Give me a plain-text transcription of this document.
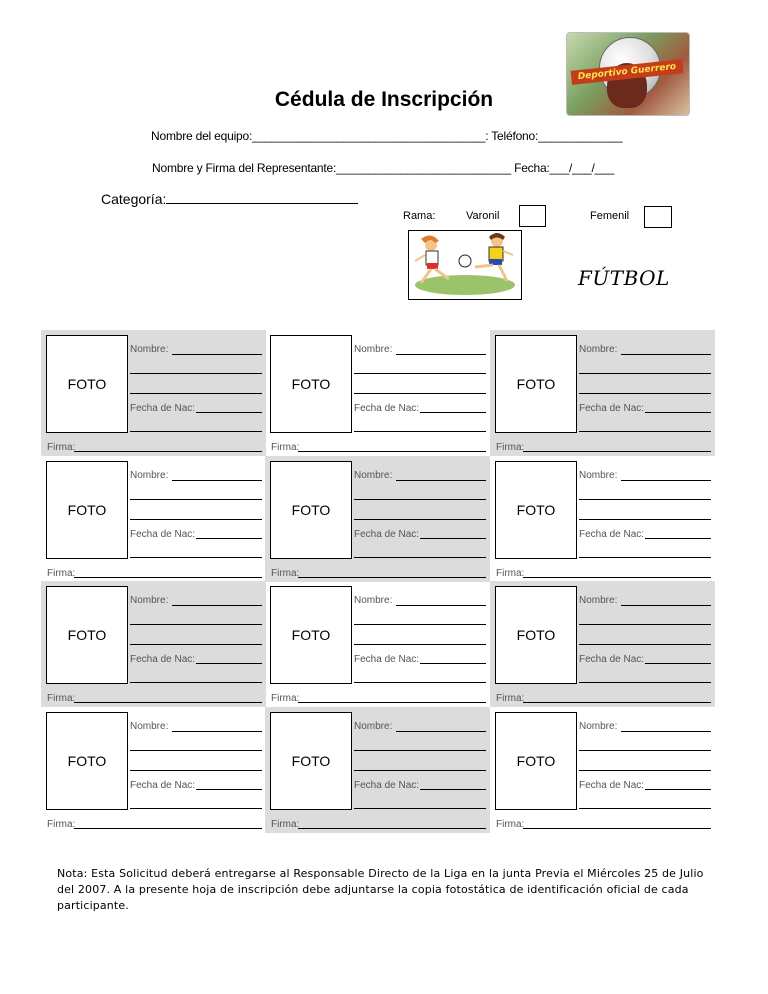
Deportivo Guerrero
Cédula de Inscripción
Nombre del equipo:____________________________________: Teléfono:_____________
Nombre y Firma del Representante:___________________________ Fecha:___/___/___
Categoría:
Rama:	Varonil	Femenil
FÚTBOL
FOTO
Nombre:
Fecha de Nac:
Firma:
FOTO
Nombre:
Fecha de Nac:
Firma:
FOTO
Nombre:
Fecha de Nac:
Firma:
FOTO
Nombre:
Fecha de Nac:
Firma:
FOTO
Nombre:
Fecha de Nac:
Firma:
FOTO
Nombre:
Fecha de Nac:
Firma:
FOTO
Nombre:
Fecha de Nac:
Firma:
FOTO
Nombre:
Fecha de Nac:
Firma:
FOTO
Nombre:
Fecha de Nac:
Firma:
FOTO
Nombre:
Fecha de Nac:
Firma:
FOTO
Nombre:
Fecha de Nac:
Firma:
FOTO
Nombre:
Fecha de Nac:
Firma:
Nota: Esta Solicitud deberá entregarse al Responsable Directo de la Liga en la junta Previa el Miércoles 25 de Julio del 2007. A la presente hoja de inscripción debe adjuntarse la copia fotostática de identificación oficial de cada participante.
